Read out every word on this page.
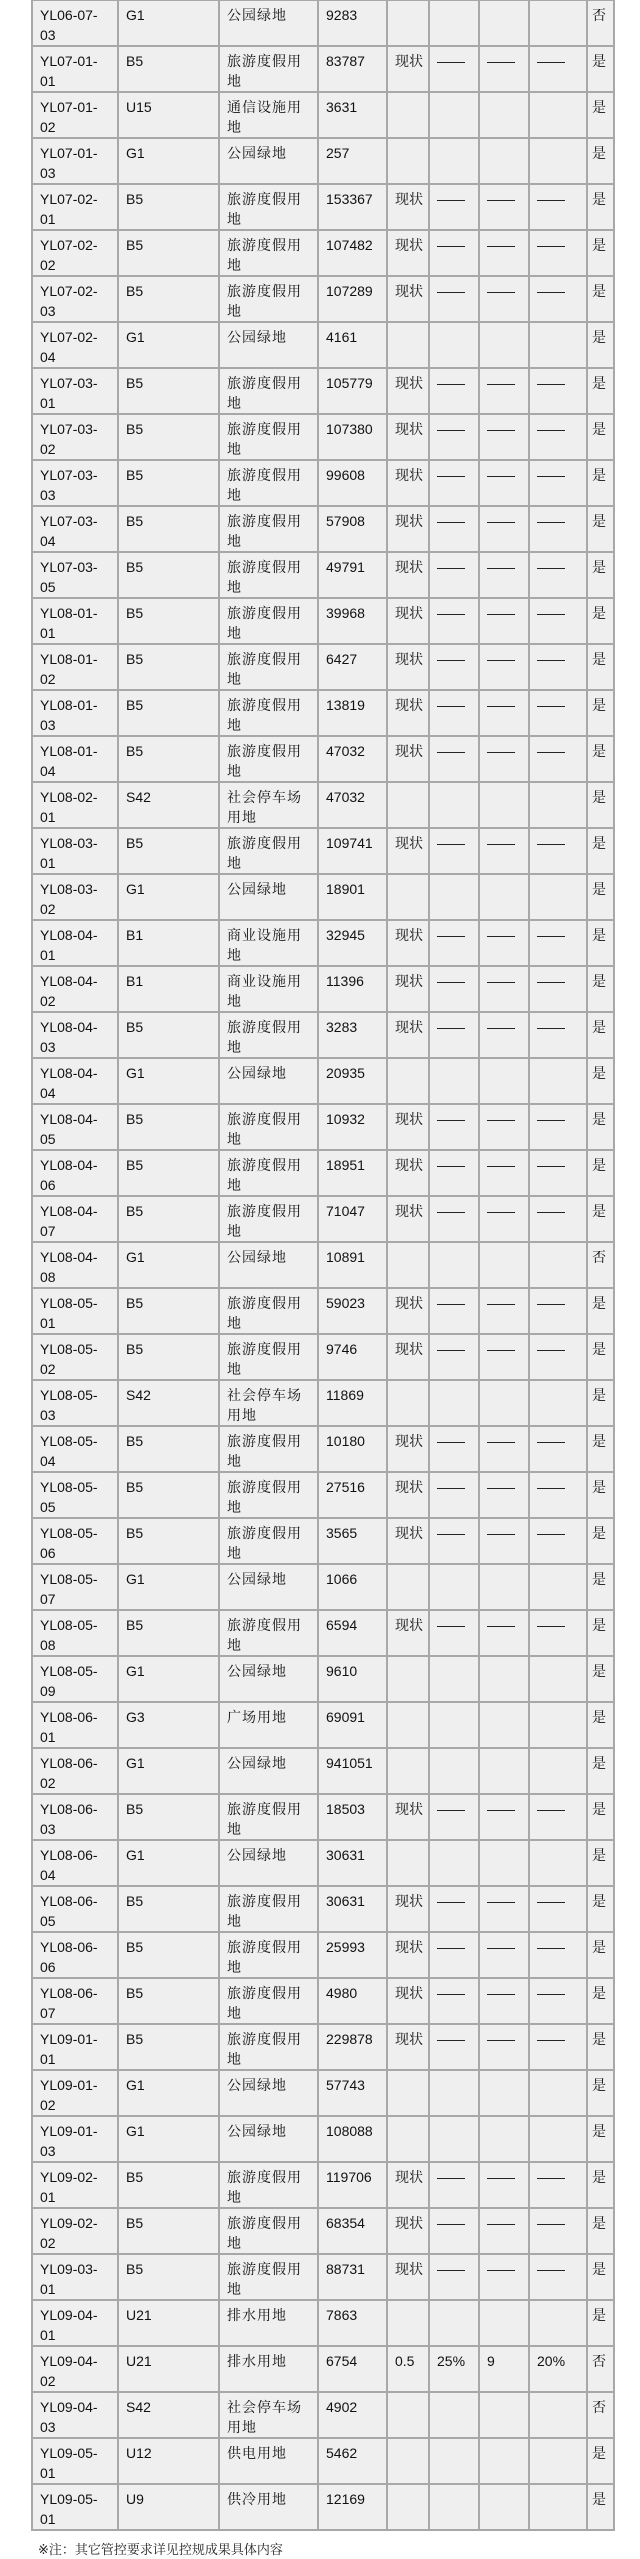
YL06-07-03	G1	公园绿地	9283					否
YL07-01-01	B5	旅游度假用地	83787	现状	——	——	——	是
YL07-01-02	U15	通信设施用地	3631					是
YL07-01-03	G1	公园绿地	257					是
YL07-02-01	B5	旅游度假用地	153367	现状	——	——	——	是
YL07-02-02	B5	旅游度假用地	107482	现状	——	——	——	是
YL07-02-03	B5	旅游度假用地	107289	现状	——	——	——	是
YL07-02-04	G1	公园绿地	4161					是
YL07-03-01	B5	旅游度假用地	105779	现状	——	——	——	是
YL07-03-02	B5	旅游度假用地	107380	现状	——	——	——	是
YL07-03-03	B5	旅游度假用地	99608	现状	——	——	——	是
YL07-03-04	B5	旅游度假用地	57908	现状	——	——	——	是
YL07-03-05	B5	旅游度假用地	49791	现状	——	——	——	是
YL08-01-01	B5	旅游度假用地	39968	现状	——	——	——	是
YL08-01-02	B5	旅游度假用地	6427	现状	——	——	——	是
YL08-01-03	B5	旅游度假用地	13819	现状	——	——	——	是
YL08-01-04	B5	旅游度假用地	47032	现状	——	——	——	是
YL08-02-01	S42	社会停车场用地	47032					是
YL08-03-01	B5	旅游度假用地	109741	现状	——	——	——	是
YL08-03-02	G1	公园绿地	18901					是
YL08-04-01	B1	商业设施用地	32945	现状	——	——	——	是
YL08-04-02	B1	商业设施用地	11396	现状	——	——	——	是
YL08-04-03	B5	旅游度假用地	3283	现状	——	——	——	是
YL08-04-04	G1	公园绿地	20935					是
YL08-04-05	B5	旅游度假用地	10932	现状	——	——	——	是
YL08-04-06	B5	旅游度假用地	18951	现状	——	——	——	是
YL08-04-07	B5	旅游度假用地	71047	现状	——	——	——	是
YL08-04-08	G1	公园绿地	10891					否
YL08-05-01	B5	旅游度假用地	59023	现状	——	——	——	是
YL08-05-02	B5	旅游度假用地	9746	现状	——	——	——	是
YL08-05-03	S42	社会停车场用地	11869					是
YL08-05-04	B5	旅游度假用地	10180	现状	——	——	——	是
YL08-05-05	B5	旅游度假用地	27516	现状	——	——	——	是
YL08-05-06	B5	旅游度假用地	3565	现状	——	——	——	是
YL08-05-07	G1	公园绿地	1066					是
YL08-05-08	B5	旅游度假用地	6594	现状	——	——	——	是
YL08-05-09	G1	公园绿地	9610					是
YL08-06-01	G3	广场用地	69091					是
YL08-06-02	G1	公园绿地	941051					是
YL08-06-03	B5	旅游度假用地	18503	现状	——	——	——	是
YL08-06-04	G1	公园绿地	30631					是
YL08-06-05	B5	旅游度假用地	30631	现状	——	——	——	是
YL08-06-06	B5	旅游度假用地	25993	现状	——	——	——	是
YL08-06-07	B5	旅游度假用地	4980	现状	——	——	——	是
YL09-01-01	B5	旅游度假用地	229878	现状	——	——	——	是
YL09-01-02	G1	公园绿地	57743					是
YL09-01-03	G1	公园绿地	108088					是
YL09-02-01	B5	旅游度假用地	119706	现状	——	——	——	是
YL09-02-02	B5	旅游度假用地	68354	现状	——	——	——	是
YL09-03-01	B5	旅游度假用地	88731	现状	——	——	——	是
YL09-04-01	U21	排水用地	7863					是
YL09-04-02	U21	排水用地	6754	0.5	25%	9	20%	否
YL09-04-03	S42	社会停车场用地	4902					否
YL09-05-01	U12	供电用地	5462					是
YL09-05-01	U9	供冷用地	12169					是
※注：其它管控要求详见控规成果具体内容
